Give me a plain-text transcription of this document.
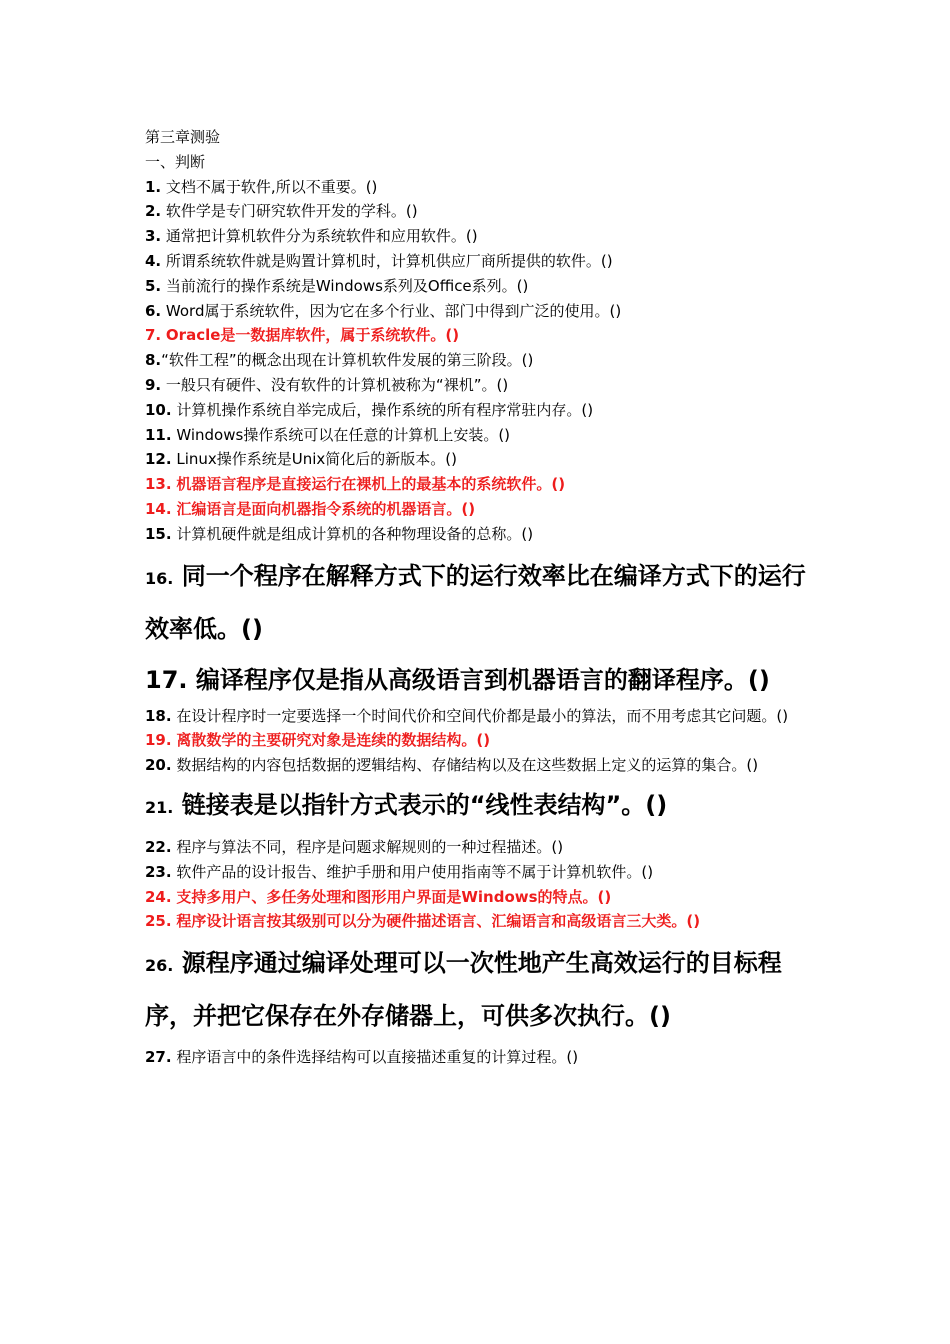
第三章测验
一、判断
1. 文档不属于软件,所以不重要。()
2. 软件学是专门研究软件开发的学科。()
3. 通常把计算机软件分为系统软件和应用软件。()
4. 所谓系统软件就是购置计算机时，计算机供应厂商所提供的软件。()
5. 当前流行的操作系统是Windows系列及Office系列。()
6. Word属于系统软件，因为它在多个行业、部门中得到广泛的使用。()
7. Oracle是一数据库软件，属于系统软件。()
8.“软件工程”的概念出现在计算机软件发展的第三阶段。()
9. 一般只有硬件、没有软件的计算机被称为“裸机”。()
10. 计算机操作系统自举完成后，操作系统的所有程序常驻内存。()
11. Windows操作系统可以在任意的计算机上安装。()
12. Linux操作系统是Unix简化后的新版本。()
13. 机器语言程序是直接运行在裸机上的最基本的系统软件。()
14. 汇编语言是面向机器指令系统的机器语言。()
15. 计算机硬件就是组成计算机的各种物理设备的总称。()
16. 同一个程序在解释方式下的运行效率比在编译方式下的运行效率低。()
17. 编译程序仅是指从高级语言到机器语言的翻译程序。()
18. 在设计程序时一定要选择一个时间代价和空间代价都是最小的算法，而不用考虑其它问题。()
19. 离散数学的主要研究对象是连续的数据结构。()
20. 数据结构的内容包括数据的逻辑结构、存储结构以及在这些数据上定义的运算的集合。()
21. 链接表是以指针方式表示的“线性表结构”。()
22. 程序与算法不同，程序是问题求解规则的一种过程描述。()
23. 软件产品的设计报告、维护手册和用户使用指南等不属于计算机软件。()
24. 支持多用户、多任务处理和图形用户界面是Windows的特点。()
25. 程序设计语言按其级别可以分为硬件描述语言、汇编语言和高级语言三大类。()
26. 源程序通过编译处理可以一次性地产生高效运行的目标程序，并把它保存在外存储器上，可供多次执行。()
27. 程序语言中的条件选择结构可以直接描述重复的计算过程。()
